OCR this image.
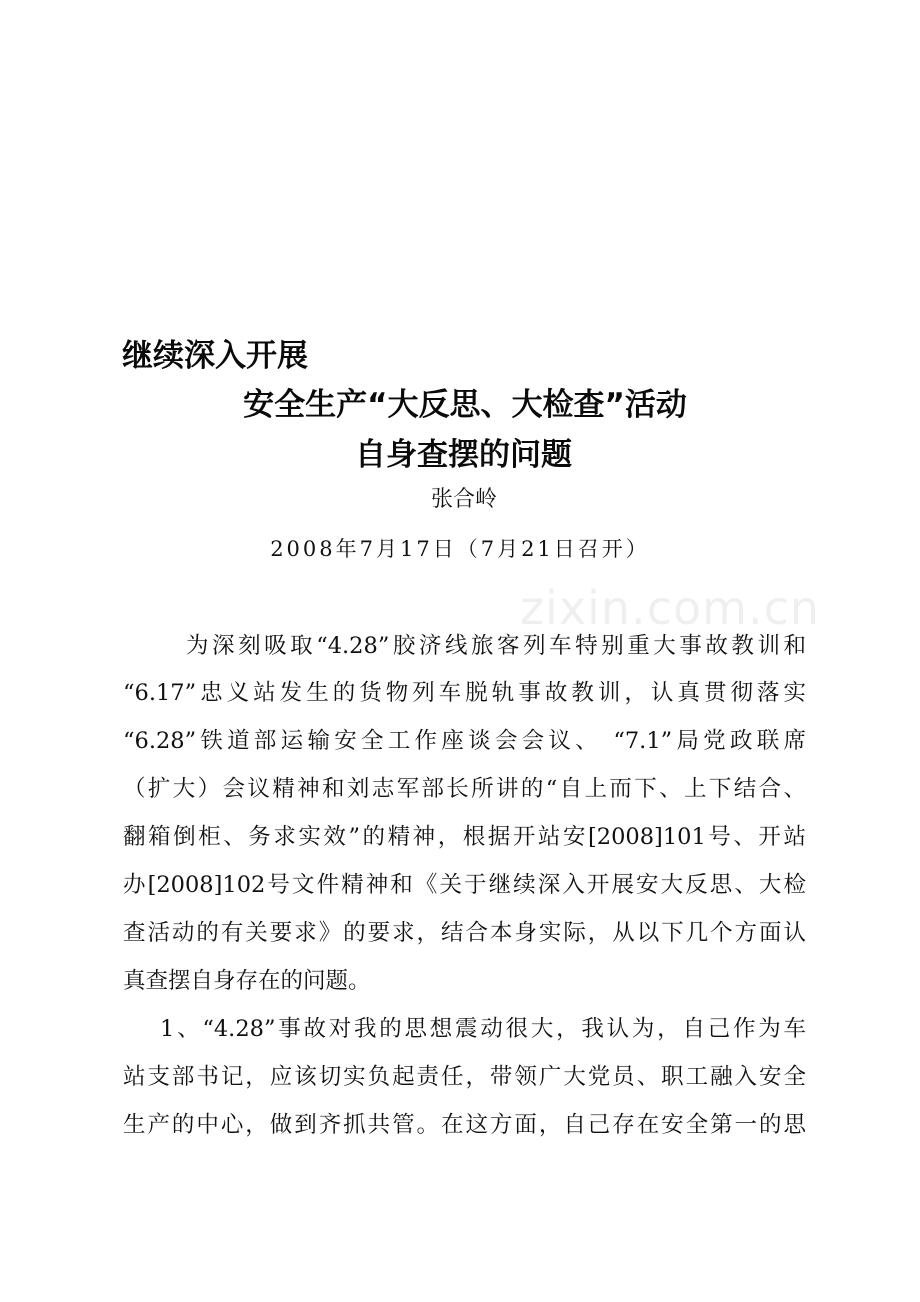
zixin.com.cn
继续深入开展
安全生产“大反思、大检查”活动
自身查摆的问题

张合岭

2008年7月17日（7月21日召开）

为深刻吸取“4.28”胶济线旅客列车特别重大事故教训和

“6.17”忠义站发生的货物列车脱轨事故教训，认真贯彻落实

“6.28”铁道部运输安全工作座谈会会议、 “7.1”局党政联席

（扩大）会议精神和刘志军部长所讲的“自上而下、上下结合、

翻箱倒柜、务求实效”的精神，根据开站安[2008]101号、开站

办[2008]102号文件精神和《关于继续深入开展安大反思、大检

查活动的有关要求》的要求，结合本身实际，从以下几个方面认

真查摆自身存在的问题。

1、“4.28”事故对我的思想震动很大，我认为，自己作为车

站支部书记，应该切实负起责任，带领广大党员、职工融入安全

生产的中心，做到齐抓共管。在这方面，自己存在安全第一的思
